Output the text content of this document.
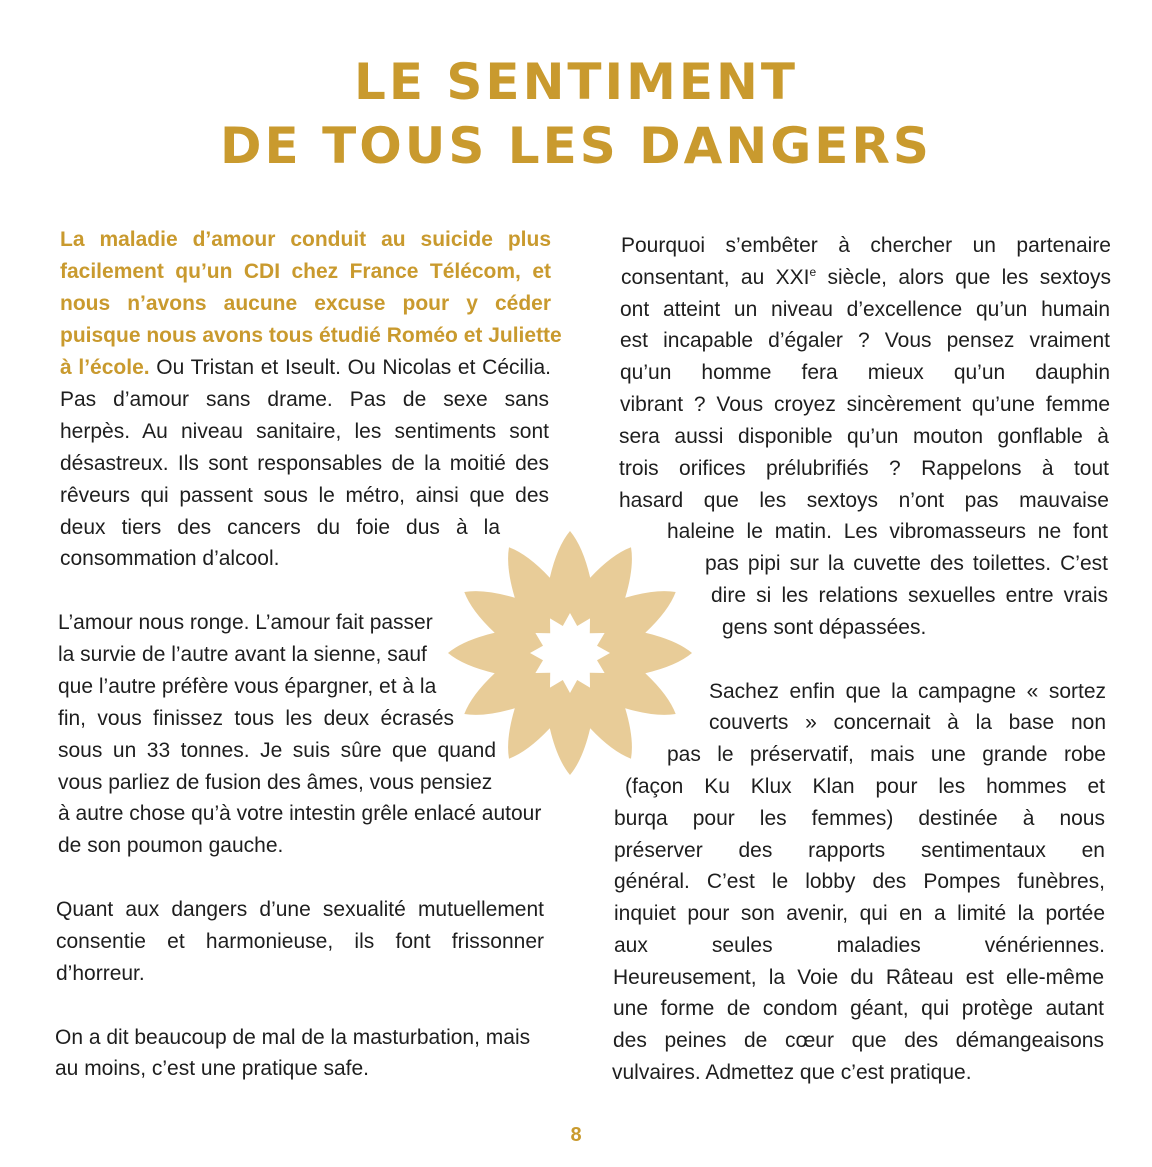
LE SENTIMENT
DE TOUS LES DANGERS

La maladie d’amour conduit au suicide plus

facilement qu’un CDI chez France Télécom, et

nous n’avons aucune excuse pour y céder

puisque nous avons tous étudié Roméo et Juliette

à l’école. Ou Tristan et Iseult. Ou Nicolas et Cécilia.

Pas d’amour sans drame. Pas de sexe sans

herpès. Au niveau sanitaire, les sentiments sont

désastreux. Ils sont responsables de la moitié des

rêveurs qui passent sous le métro, ainsi que des

deux tiers des cancers du foie dus à la

consommation d’alcool.

L’amour nous ronge. L’amour fait passer

la survie de l’autre avant la sienne, sauf

que l’autre préfère vous épargner, et à la

fin, vous finissez tous les deux écrasés

sous un 33 tonnes. Je suis sûre que quand

vous parliez de fusion des âmes, vous pensiez

à autre chose qu’à votre intestin grêle enlacé autour

de son poumon gauche.

Quant aux dangers d’une sexualité mutuellement

consentie et harmonieuse, ils font frissonner

d’horreur.

On a dit beaucoup de mal de la masturbation, mais

au moins, c’est une pratique safe.

Pourquoi s’embêter à chercher un partenaire

consentant, au XXIe siècle, alors que les sextoys

ont atteint un niveau d’excellence qu’un humain

est incapable d’égaler ? Vous pensez vraiment

qu’un homme fera mieux qu’un dauphin

vibrant ? Vous croyez sincèrement qu’une femme

sera aussi disponible qu’un mouton gonflable à

trois orifices prélubrifiés ? Rappelons à tout

hasard que les sextoys n’ont pas mauvaise

haleine le matin. Les vibromasseurs ne font

pas pipi sur la cuvette des toilettes. C’est

dire si les relations sexuelles entre vrais

gens sont dépassées.

Sachez enfin que la campagne « sortez

couverts » concernait à la base non

pas le préservatif, mais une grande robe

(façon Ku Klux Klan pour les hommes et

burqa pour les femmes) destinée à nous

préserver des rapports sentimentaux en

général. C’est le lobby des Pompes funèbres,

inquiet pour son avenir, qui en a limité la portée

aux seules maladies vénériennes.

Heureusement, la Voie du Râteau est elle-même

une forme de condom géant, qui protège autant

des peines de cœur que des démangeaisons

vulvaires. Admettez que c’est pratique.

8
